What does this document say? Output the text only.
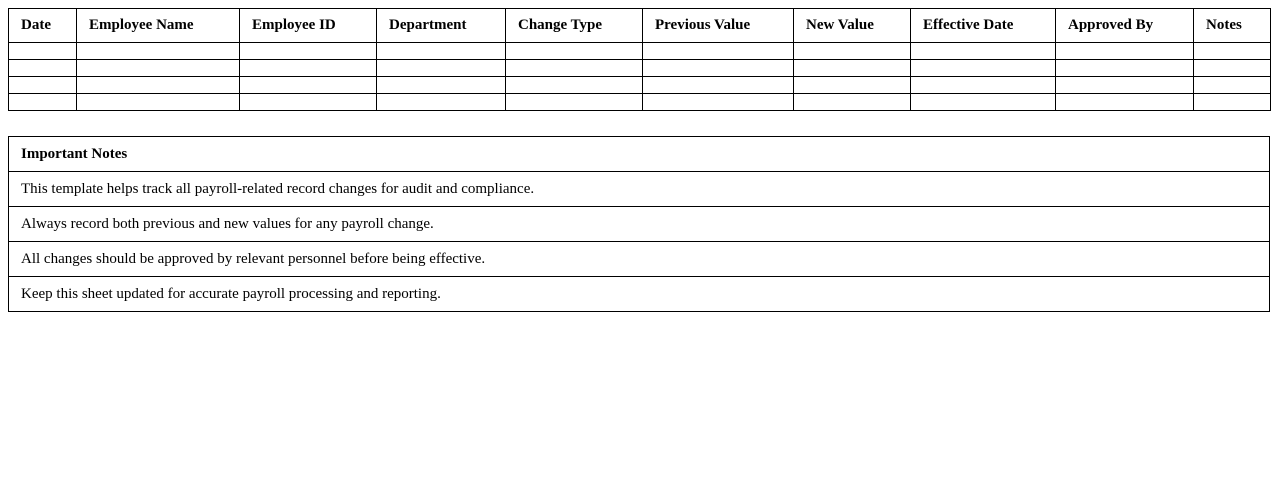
Date	Employee Name	Employee ID	Department	Change Type	Previous Value	New Value	Effective Date	Approved By	Notes

Important Notes
This template helps track all payroll-related record changes for audit and compliance.
Always record both previous and new values for any payroll change.
All changes should be approved by relevant personnel before being effective.
Keep this sheet updated for accurate payroll processing and reporting.
